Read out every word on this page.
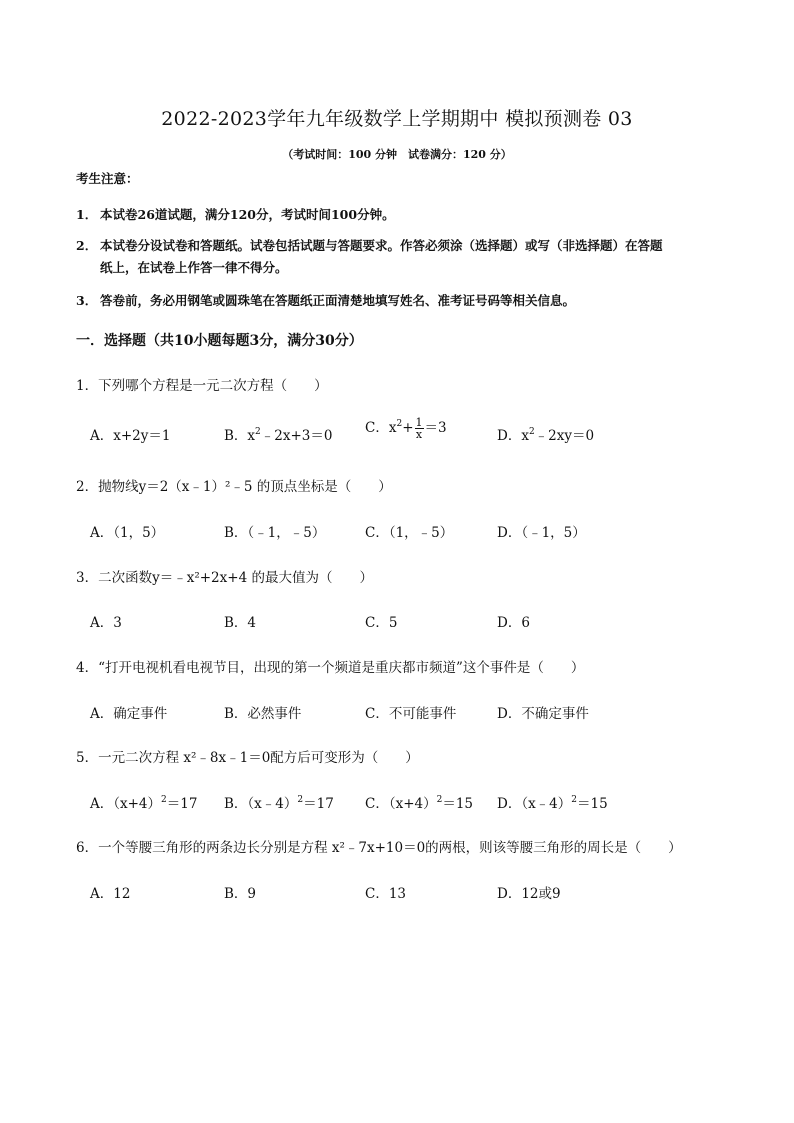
2022-2023学年九年级数学上学期期中 模拟预测卷 03
（考试时间：100 分钟　试卷满分：120 分）
考生注意：
1． 本试卷26道试题，满分120分，考试时间100分钟。
2． 本试卷分设试卷和答题纸。试卷包括试题与答题要求。作答必须涂（选择题）或写（非选择题）在答题
纸上，在试卷上作答一律不得分。
3． 答卷前，务必用钢笔或圆珠笔在答题纸正面清楚地填写姓名、准考证号码等相关信息。
一．选择题（共10小题每题3分，满分30分）
1．下列哪个方程是一元二次方程（　　）
A．x+2y＝1	B．$x^2﹣2x+3=0$ C．$x^2+ \frac{1}{x} =3$	D．$x^2﹣2xy=0$
2．抛物线y＝2（x﹣1）²﹣5 的顶点坐标是（　　）
A．（1，5）	B．（﹣1，﹣5）	C．（1，﹣5）	D．（﹣1，5）
3．二次函数y＝﹣x²+2x+4 的最大值为（　　）
A．3	B．4	C．5	D．6
4．“打开电视机看电视节目，出现的第一个频道是重庆都市频道”这个事件是（　　）
A．确定事件	B．必然事件	C．不可能事件	D．不确定事件
5．一元二次方程 x²﹣8x﹣1＝0配方后可变形为（　　）
A．$(x+4)^2=17$ B．（x﹣4）$^2$＝17 C．$(x+4)^2=15$ D．（x﹣4）$^2$＝15
6．一个等腰三角形的两条边长分别是方程 x²﹣7x+10＝0的两根，则该等腰三角形的周长是（　　）
A．12	B．9	C．13	D．12或9
